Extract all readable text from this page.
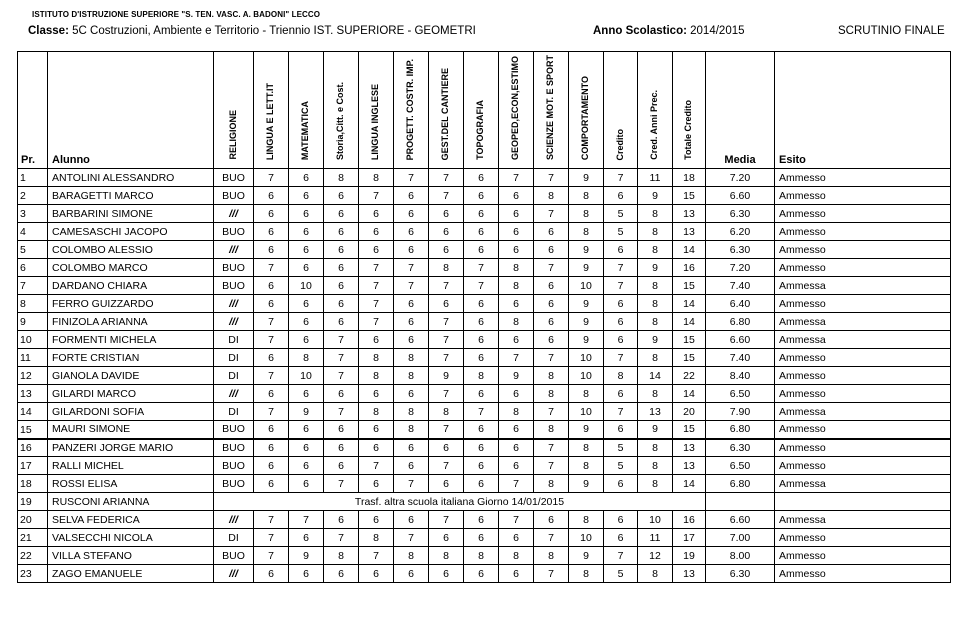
ISTITUTO D'ISTRUZIONE SUPERIORE "S. TEN. VASC. A. BADONI" LECCO
Classe: 5C Costruzioni, Ambiente e Territorio - Triennio IST. SUPERIORE - GEOMETRI	Anno Scolastico: 2014/2015	SCRUTINIO FINALE
Pr.	Alunno	RELIGIONE	LINGUA E LETT.IT	MATEMATICA	Storia,Citt. e Cost.	LINGUA INGLESE	PROGETT. COSTR. IMP.	GEST.DEL CANTIERE	TOPOGRAFIA	GEOPED,ECON,ESTIMO	SCIENZE MOT. E SPORT	COMPORTAMENTO	Credito	Cred. Anni Prec.	Totale Credito	Media	Esito
1	ANTOLINI ALESSANDRO	BUO	7	6	8	8	7	7	6	7	7	9	7	11	18	7.20	Ammesso
2	BARAGETTI MARCO	BUO	6	6	6	7	6	7	6	6	8	8	6	9	15	6.60	Ammesso
3	BARBARINI SIMONE	///	6	6	6	6	6	6	6	6	7	8	5	8	13	6.30	Ammesso
4	CAMESASCHI JACOPO	BUO	6	6	6	6	6	6	6	6	6	8	5	8	13	6.20	Ammesso
5	COLOMBO ALESSIO	///	6	6	6	6	6	6	6	6	6	9	6	8	14	6.30	Ammesso
6	COLOMBO MARCO	BUO	7	6	6	7	7	8	7	8	7	9	7	9	16	7.20	Ammesso
7	DARDANO CHIARA	BUO	6	10	6	7	7	7	7	8	6	10	7	8	15	7.40	Ammessa
8	FERRO GUIZZARDO	///	6	6	6	7	6	6	6	6	6	9	6	8	14	6.40	Ammesso
9	FINIZOLA ARIANNA	///	7	6	6	7	6	7	6	8	6	9	6	8	14	6.80	Ammessa
10	FORMENTI MICHELA	DI	7	6	7	6	6	7	6	6	6	9	6	9	15	6.60	Ammessa
11	FORTE CRISTIAN	DI	6	8	7	8	8	7	6	7	7	10	7	8	15	7.40	Ammesso
12	GIANOLA DAVIDE	DI	7	10	7	8	8	9	8	9	8	10	8	14	22	8.40	Ammesso
13	GILARDI MARCO	///	6	6	6	6	6	7	6	6	8	8	6	8	14	6.50	Ammesso
14	GILARDONI SOFIA	DI	7	9	7	8	8	8	7	8	7	10	7	13	20	7.90	Ammessa
15	MAURI SIMONE	BUO	6	6	6	6	8	7	6	6	8	9	6	9	15	6.80	Ammesso
16	PANZERI JORGE MARIO	BUO	6	6	6	6	6	6	6	6	7	8	5	8	13	6.30	Ammesso
17	RALLI MICHEL	BUO	6	6	6	7	6	7	6	6	7	8	5	8	13	6.50	Ammesso
18	ROSSI ELISA	BUO	6	6	7	6	7	6	6	7	8	9	6	8	14	6.80	Ammessa
19	RUSCONI ARIANNA	Trasf. altra scuola italiana Giorno 14/01/2015															
20	SELVA FEDERICA	///	7	7	6	6	6	7	6	7	6	8	6	10	16	6.60	Ammessa
21	VALSECCHI NICOLA	DI	7	6	7	8	7	6	6	6	7	10	6	11	17	7.00	Ammesso
22	VILLA STEFANO	BUO	7	9	8	7	8	8	8	8	8	9	7	12	19	8.00	Ammesso
23	ZAGO EMANUELE	///	6	6	6	6	6	6	6	6	7	8	5	8	13	6.30	Ammesso
